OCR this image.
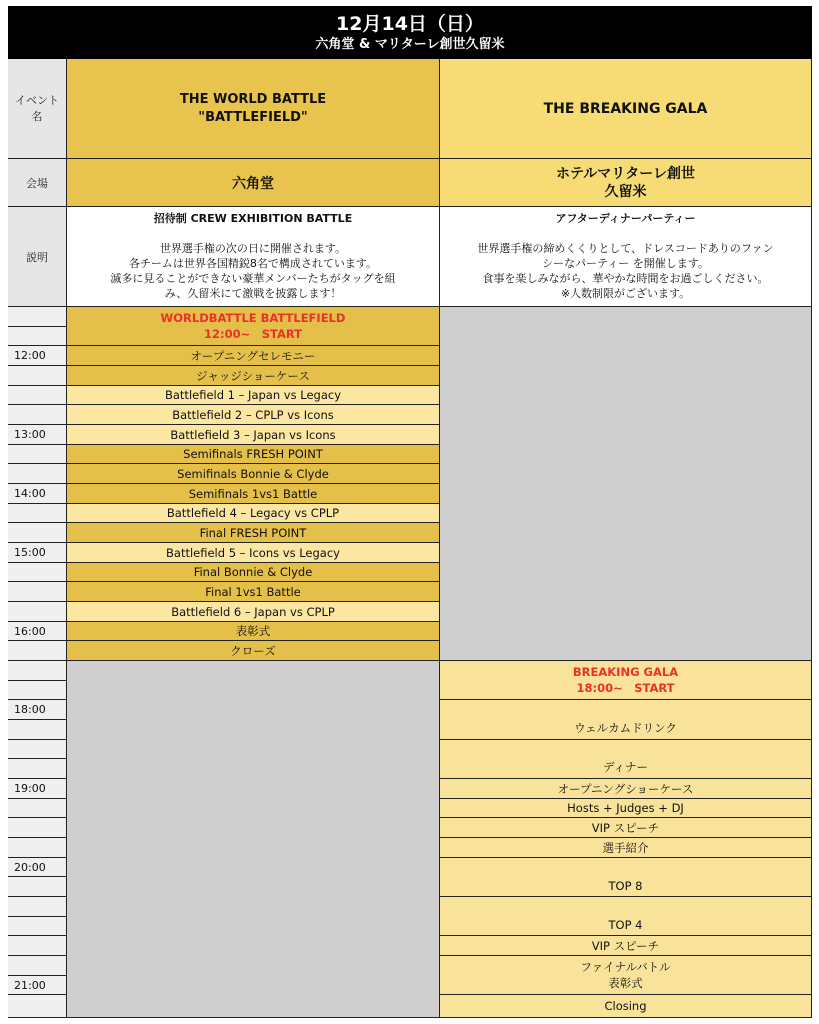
12月14日（日）
六角堂 & マリターレ創世久留米
イベント名
THE WORLD BATTLE
"BATTLEFIELD"
THE BREAKING GALA
会場	六角堂
ホテルマリターレ創世
久留米
説明
招待制 CREW EXHIBITION BATTLE
世界選手権の次の日に開催されます。
各チームは世界各国精鋭8名で構成されています。
滅多に見ることができない豪華メンバーたちがタッグを組
み、久留米にて激戦を披露します！
アフターディナーパーティー
世界選手権の締めくくりとして、ドレスコードありのファン
シーなパーティー を開催します。
食事を楽しみながら、華やかな時間をお過ごしください。
※人数制限がございます。
12:00
13:00
14:00
15:00
16:00
18:00
19:00
20:00
21:00
WORLDBATTLE BATTLEFIELD
12:00~　START
オープニングセレモニー
ジャッジショーケース
Battlefield 1 – Japan vs Legacy
Battlefield 2 – CPLP vs Icons
Battlefield 3 – Japan vs Icons
Semifinals FRESH POINT
Semifinals Bonnie & Clyde
Semifinals 1vs1 Battle
Battlefield 4 – Legacy vs CPLP
Final FRESH POINT
Battlefield 5 – Icons vs Legacy
Final Bonnie & Clyde
Final 1vs1 Battle
Battlefield 6 – Japan vs CPLP
表彰式
クローズ
BREAKING GALA
18:00~　START
ウェルカムドリンク
ディナー
オープニングショーケース
Hosts + Judges + DJ
VIP スピーチ
選手紹介
TOP 8
TOP 4
VIP スピーチ
ファイナルバトル
表彰式
Closing
